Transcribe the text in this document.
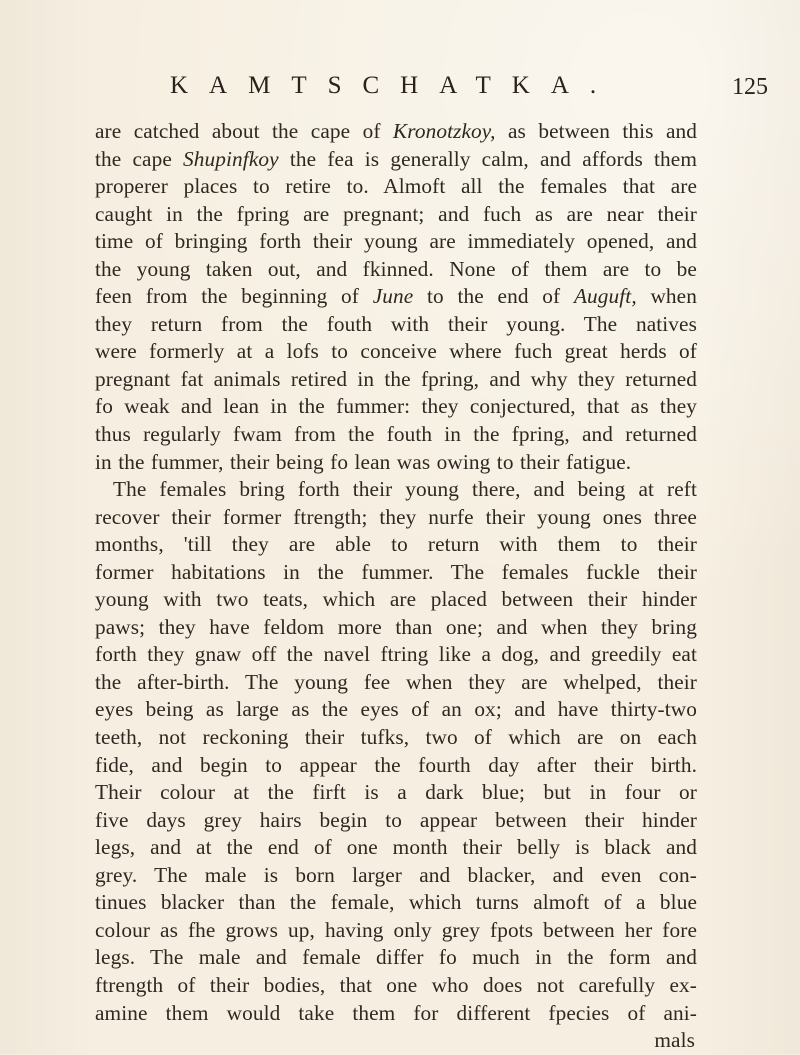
KAMTSCHATKA.	125
are catched about the cape of Kronotzkoy, as between this and
the cape Shupinfkoy the fea is generally calm, and affords them
properer places to retire to. Almoft all the females that are
caught in the fpring are pregnant; and fuch as are near their
time of bringing forth their young are immediately opened, and
the young taken out, and fkinned. None of them are to be
feen from the beginning of June to the end of Auguft, when
they return from the fouth with their young. The natives
were formerly at a lofs to conceive where fuch great herds of
pregnant fat animals retired in the fpring, and why they returned
fo weak and lean in the fummer: they conjectured, that as they
thus regularly fwam from the fouth in the fpring, and returned
in the fummer, their being fo lean was owing to their fatigue.
The females bring forth their young there, and being at reft
recover their former ftrength; they nurfe their young ones three
months, 'till they are able to return with them to their
former habitations in the fummer. The females fuckle their
young with two teats, which are placed between their hinder
paws; they have feldom more than one; and when they bring
forth they gnaw off the navel ftring like a dog, and greedily eat
the after-birth. The young fee when they are whelped, their
eyes being as large as the eyes of an ox; and have thirty-two
teeth, not reckoning their tufks, two of which are on each
fide, and begin to appear the fourth day after their birth.
Their colour at the firft is a dark blue; but in four or
five days grey hairs begin to appear between their hinder
legs, and at the end of one month their belly is black and
grey. The male is born larger and blacker, and even con-
tinues blacker than the female, which turns almoft of a blue
colour as fhe grows up, having only grey fpots between her fore
legs. The male and female differ fo much in the form and
ftrength of their bodies, that one who does not carefully ex-
amine them would take them for different fpecies of ani-
mals
